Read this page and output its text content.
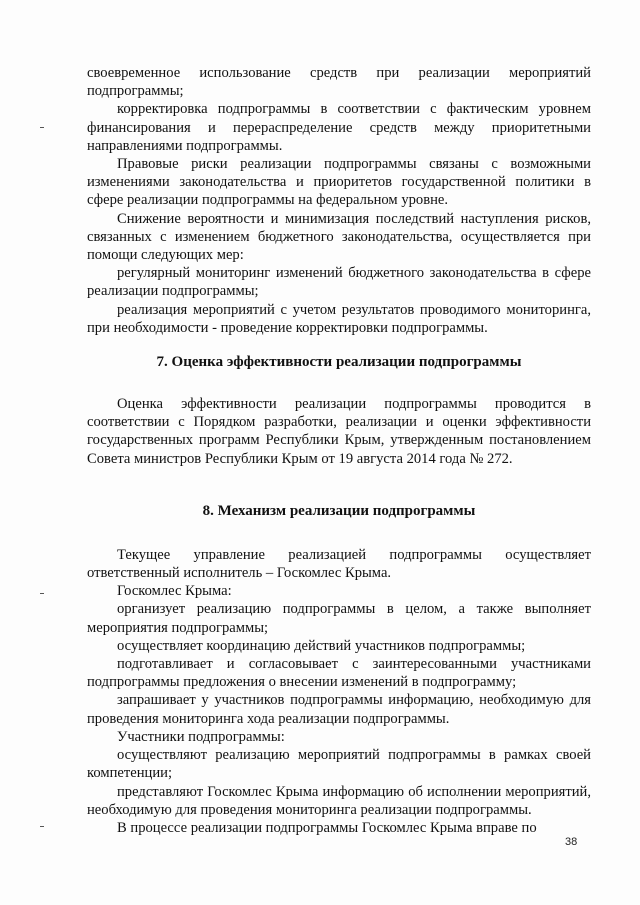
своевременное использование средств при реализации мероприятий подпрограммы;

корректировка подпрограммы в соответствии с фактическим уровнем финансирования и перераспределение средств между приоритетными направлениями подпрограммы.

Правовые риски реализации подпрограммы связаны с возможными изменениями законодательства и приоритетов государственной политики в сфере реализации подпрограммы на федеральном уровне.

Снижение вероятности и минимизация последствий наступления рисков, связанных с изменением бюджетного законодательства, осуществляется при помощи следующих мер:

регулярный мониторинг изменений бюджетного законодательства в сфере реализации подпрограммы;

реализация мероприятий с учетом результатов проводимого мониторинга, при необходимости - проведение корректировки подпрограммы.

7. Оценка эффективности реализации подпрограммы

Оценка эффективности реализации подпрограммы проводится в соответствии с Порядком разработки, реализации и оценки эффективности государственных программ Республики Крым, утвержденным постановлением Совета министров Республики Крым от 19 августа 2014 года № 272.

8. Механизм реализации подпрограммы

Текущее управление реализацией подпрограммы осуществляет ответственный исполнитель – Госкомлес Крыма.

Госкомлес Крыма:

организует реализацию подпрограммы в целом, а также выполняет мероприятия подпрограммы;

осуществляет координацию действий участников подпрограммы;

подготавливает и согласовывает с заинтересованными участниками подпрограммы предложения о внесении изменений в подпрограмму;

запрашивает у участников подпрограммы информацию, необходимую для проведения мониторинга хода реализации подпрограммы.

Участники подпрограммы:

осуществляют реализацию мероприятий подпрограммы в рамках своей компетенции;

представляют Госкомлес Крыма информацию об исполнении мероприятий, необходимую для проведения мониторинга реализации подпрограммы.

В процессе реализации подпрограммы Госкомлес Крыма вправе по

38
